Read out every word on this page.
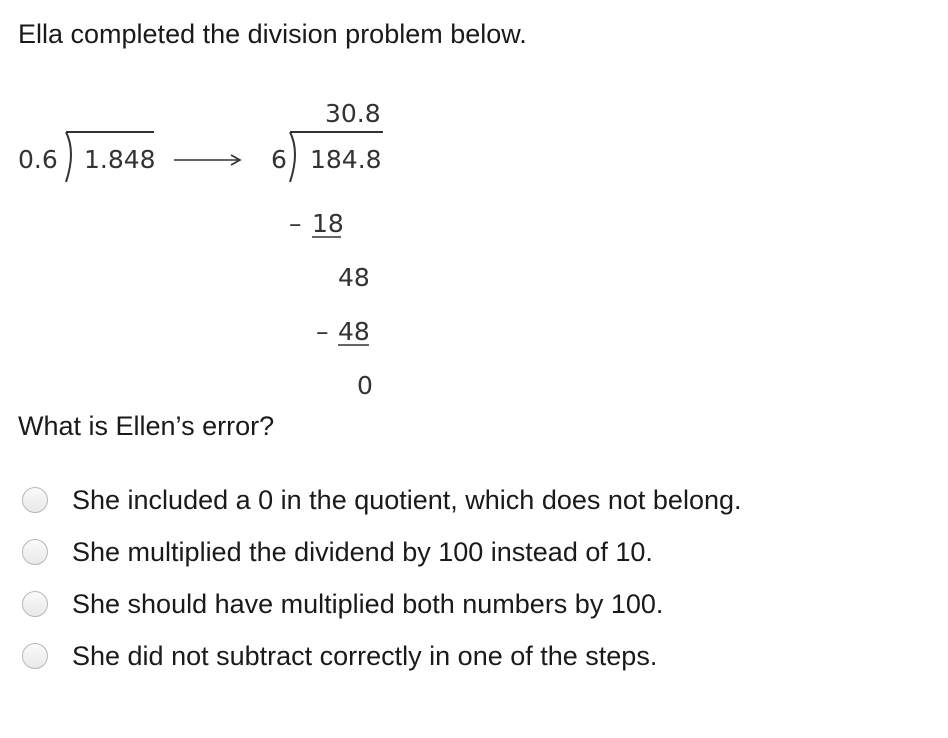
Ella completed the division problem below.
0.6 1.848
30.8
6 184.8
– 18
48
– 48
0
What is Ellen’s error?
She included a 0 in the quotient, which does not belong.
She multiplied the dividend by 100 instead of 10.
She should have multiplied both numbers by 100.
She did not subtract correctly in one of the steps.
